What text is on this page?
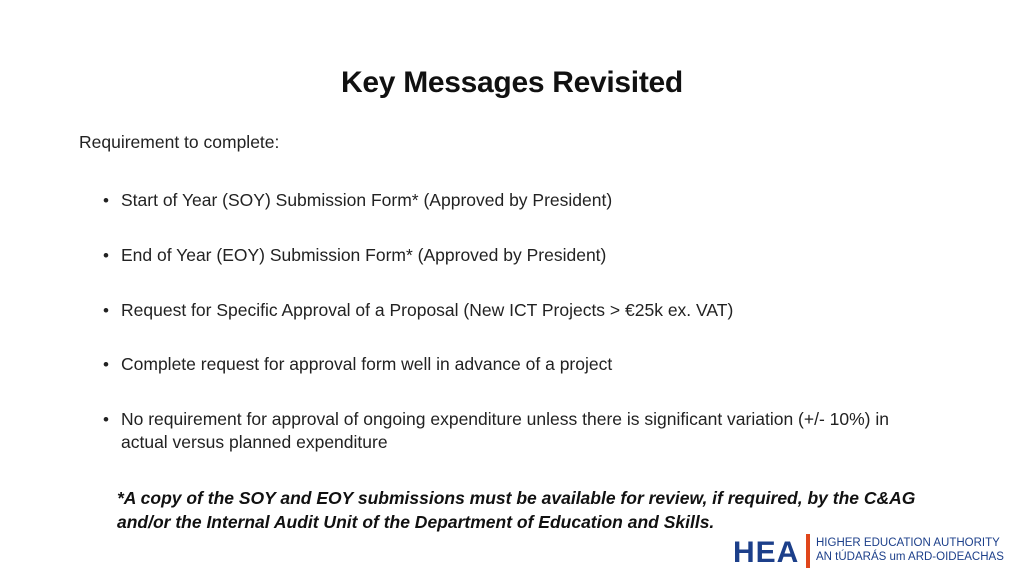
Key Messages Revisited
Requirement to complete:
• Start of Year (SOY) Submission Form* (Approved by President)
• End of Year (EOY) Submission Form* (Approved by President)
• Request for Specific Approval of a Proposal (New ICT Projects > €25k ex. VAT)
• Complete request for approval form well in advance of a project
• No requirement for approval of ongoing expenditure unless there is significant variation (+/- 10%) in actual versus planned expenditure
*A copy of the SOY and EOY submissions must be available for review, if required, by the C&AG and/or the Internal Audit Unit of the Department of Education and Skills.
HEA HIGHER EDUCATION AUTHORITY
AN tÚDARÁS um ARD-OIDEACHAS
